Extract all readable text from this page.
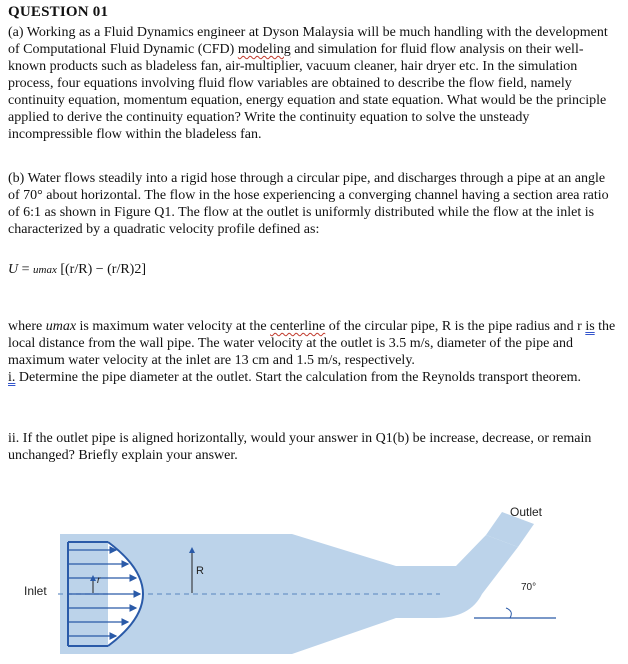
QUESTION 01

(a) Working as a Fluid Dynamics engineer at Dyson Malaysia will be much handling with the development of Computational Fluid Dynamic (CFD) modeling and simulation for fluid flow analysis on their well-known products such as bladeless fan, air-multiplier, vacuum cleaner, hair dryer etc. In the simulation process, four equations involving fluid flow variables are obtained to describe the flow field, namely continuity equation, momentum equation, energy equation and state equation. What would be the principle applied to derive the continuity equation? Write the continuity equation to solve the unsteady incompressible flow within the bladeless fan.

(b) Water flows steadily into a rigid hose through a circular pipe, and discharges through a pipe at an angle of 70° about horizontal. The flow in the hose experiencing a converging channel having a section area ratio of 6:1 as shown in Figure Q1. The flow at the outlet is uniformly distributed while the flow at the inlet is characterized by a quadratic velocity profile defined as:

U = umax [(r/R) − (r/R)2]

where umax is maximum water velocity at the centerline of the circular pipe, R is the pipe radius and r is the local distance from the wall pipe. The water velocity at the outlet is 3.5 m/s, diameter of the pipe and maximum water velocity at the inlet are 13 cm and 1.5 m/s, respectively.
i. Determine the pipe diameter at the outlet. Start the calculation from the Reynolds transport theorem.

ii. If the outlet pipe is aligned horizontally, would your answer in Q1(b) be increase, decrease, or remain unchanged? Briefly explain your answer.

Inlet
Outlet
R
r
70°
